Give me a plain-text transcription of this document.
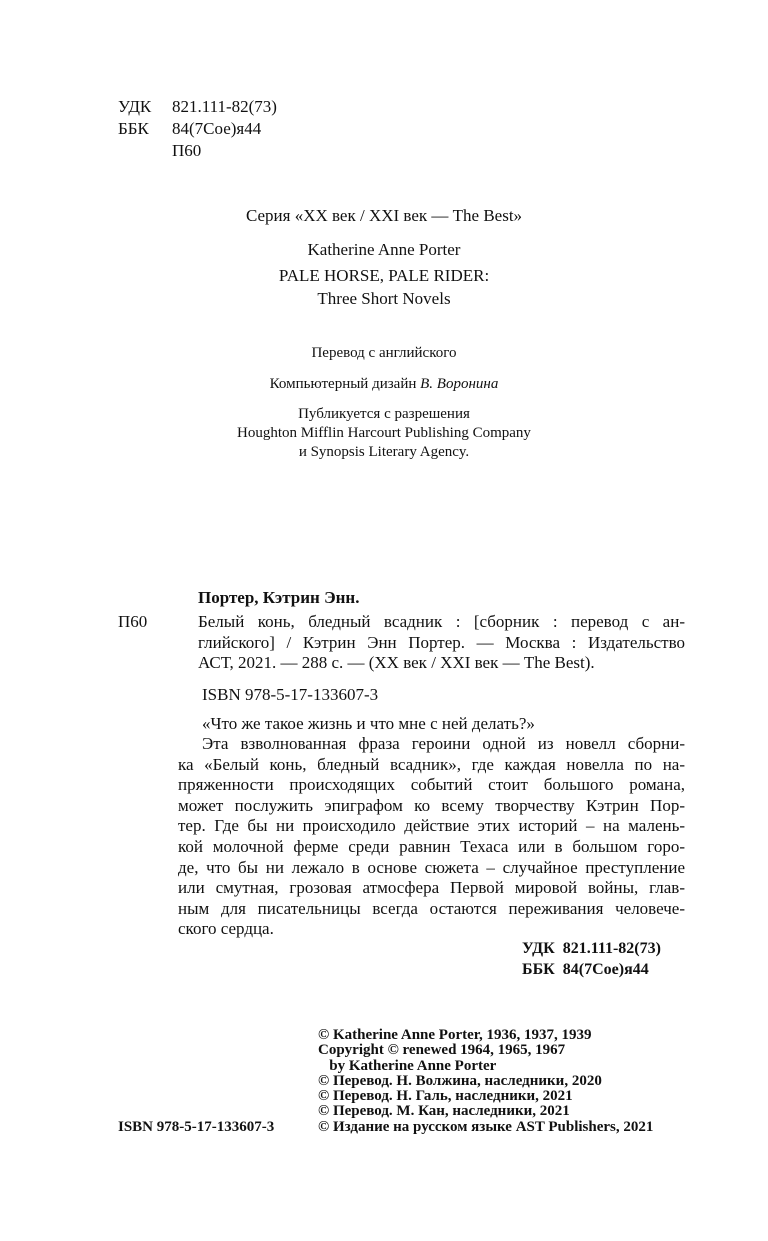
УДК 821.111-82(73)
ББК 84(7Сое)я44
П60
Серия «ХХ век / XXI век — The Best»
Katherine Anne Porter
PALE HORSE, PALE RIDER:
Three Short Novels
Перевод с английского
Компьютерный дизайн В. Воронина
Публикуется с разрешения
Houghton Mifflin Harcourt Publishing Company
и Synopsis Literary Agency.
Портер, Кэтрин Энн.
П60	Белый конь, бледный всадник : [сборник : перевод с ан-
глийского] / Кэтрин Энн Портер. — Москва : Издательство
АСТ, 2021. — 288 с. — (ХХ век / XXI век — The Best).
ISBN 978-5-17-133607-3
«Что же такое жизнь и что мне с ней делать?»
Эта взволнованная фраза героини одной из новелл сборни-
ка «Белый конь, бледный всадник», где каждая новелла по на-
пряженности происходящих событий стоит большого романа,
может послужить эпиграфом ко всему творчеству Кэтрин Пор-
тер. Где бы ни происходило действие этих историй – на малень-
кой молочной ферме среди равнин Техаса или в большом горо-
де, что бы ни лежало в основе сюжета – случайное преступление
или смутная, грозовая атмосфера Первой мировой войны, глав-
ным для писательницы всегда остаются переживания человече-
ского сердца.
УДК  821.111-82(73)
ББК  84(7Сое)я44
© Katherine Anne Porter, 1936, 1937, 1939
Copyright © renewed 1964, 1965, 1967
by Katherine Anne Porter
© Перевод. Н. Волжина, наследники, 2020
© Перевод. Н. Галь, наследники, 2021
© Перевод. М. Кан, наследники, 2021
© Издание на русском языке AST Publishers, 2021
ISBN 978-5-17-133607-3
